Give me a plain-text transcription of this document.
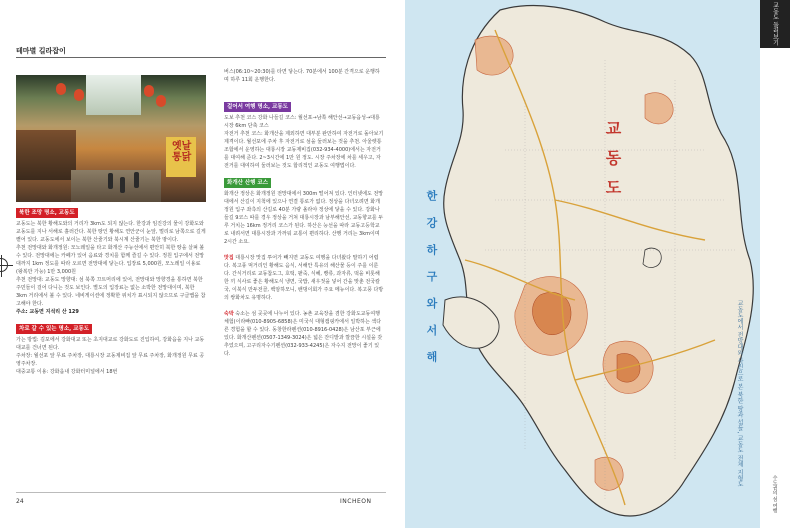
테마별 길라잡이
옛날통닭
북한 조망 명소, 교동도

교동도는 북한 황해도와의 거리가 3km도 되지 않는다. 한강과 임진강의 물이 강화도와 교동도를 지나 서해로 흘러간다. 북한 땅인 황해도 연안군이 눈앞, 멀리로 남쪽으로 길게 뻗어 있다. 교동도에서 보이는 북한 산줄기와 북시계 산줄기는 북한 땅이다.

추천 전망대와 화개정원: 모노레일을 타고 화개산 주능선에서 편안히 북한 땅을 살펴 볼 수 있다. 전망대에는 카페가 있어 음료와 경치를 함께 즐길 수 있다. 정원 입구에서 전망대까지 1km 정도를 따라 오르면 전망대에 닿는다. 입장료 5,000원, 모노레일 이용료(왕복만 가능) 1만 3,000원

추천 전망대: 교동도 망향대: 섬 북쪽 끄트머리에 있어, 전망대와 망향경을 통하면 북한 주민들이 걸어 다니는 것도 보인다. 별도의 입장료는 없는 소박한 전망대이며, 북한 3km 거리에서 볼 수 있다. 네비게이션에 정확한 위치가 표시되지 않으므로 구글맵을 참고해야 한다.

주소: 교동면 지석리 산 129

차로 갈 수 있는 명소, 교동도

가는 방법: 김포에서 강화대교 또는 초지대교로 강화도로 진입하여, 강화읍을 지나 교동대교를 건너면 된다.

주차장: 월선포 앞 무료 주차장, 대룡시장 교동제비집 앞 무료 주차장, 화개정원 무료 공영주차장.

대중교통 이용: 강화읍내 강화터미널에서 18번

버스(06:10~20:30)를 타면 닿는다. 70분에서 100분 간격으로 운행하며 하루 11회 운행한다.

걸어서 여행 명소, 교동도

도보 추천 코스 강화 나들길 코스: 월선포→남쪽 해안선→교동읍성→대룡시장 6km 단축 코스

자전거 추천 코스: 화개산을 제외하면 대부분 완만하여 자전거로 돌아보기 제격이다. 월선포에 주차 후 자전거로 섬을 둘러보는 것을 추천. 아울렛통조합에서 운영하는 대룡시장 교동제비집(032-934-4000)에서는 자전거를 대여해 준다. 2~3시간에 1만 원 정도. 시장 주차장에 차를 세우고, 자전거를 대여하여 둘러보는 것도 합리적인 교동도 여행법이다.

화개산 산행 코스

화개산 정상은 화개정원 전망대에서 300m 떨어져 있다. 인터넷에도 전망대에서 산길이 지척에 있으나 연결 통로가 없다. 정상을 다녀오려면 화개정원 입구 좌측의 산길로 40분 가량 올라야 정상에 닿을 수 있다. 강화나들길 9코스 따를 경우 정상을 거쳐 대룡시장과 남부해안선, 교동향교를 두루 거치는 16km 정거리 코스가 된다. 하산은 능선을 따라 교동고등학교로 내려서면 대룡시장과 가까워 교통이 편리하다. 산행 거리는 3km이며 2시간 소요.

맛집 대룡시장 맛집 투어가 빼지면 교동도 여행을 다녀왔다 말하기 어렵다. 복고풍 먹거리인 황해도 음식, 서해안 특유의 해산물 등이 주를 이룬다. 간식거리로 교동찹도그, 호떡, 팥죽, 식혜, 빵류, 과자류, 떡을 비롯해 한 끼 식사로 좋은 황해도식 냉면, 국밥, 새우젓을 넣어 간을 맞춘 전국칼국, 이북식 만두전골, 백암하모니, 밴댕이회가 주요 메뉴이다. 복고풍 다방의 쌍화차도 유명하다.

숙박 숙소는 섬 곳곳에 나누어 있다. 농촌 교육장을 겸한 강화도교동여행체험(이라빠(010-8905-6858)은 미국식 대형캠핑카에서 일박하는 색다른 경험을 할 수 있다. 동창한라펜션(010-8916-0428)은 남산포 부근에 있다. 화개산펜션(0507-1349-3024)은 넓은 잔디밭과 깔끔한 시설을 갖추었으며, 고구리자수기펜션(032-933-4245)은 자수지 전망이 좋기 있다.

24	INCHEON
교 동 도
한 강 하 구 와 서 해
교동도에서 전망대와 사진으로 본 북한 땅과 섬들, 교동도 전체 지형도
교동도 둘러보기
수도권의 섬 여행
